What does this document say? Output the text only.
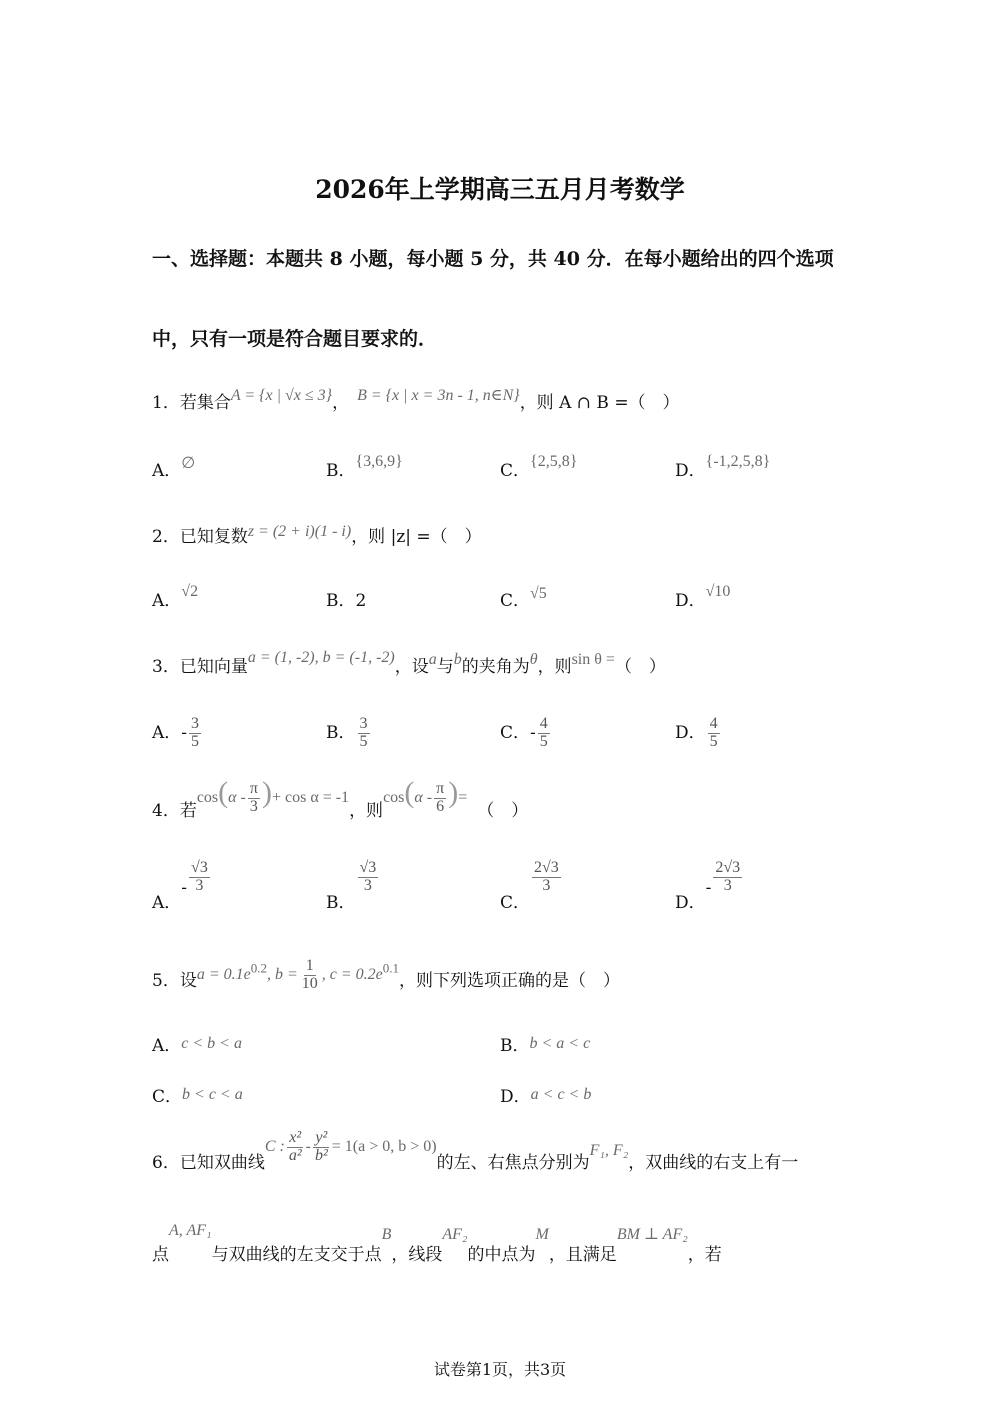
2026年上学期高三五月月考数学
一、选择题：本题共 8 小题，每小题 5 分，共 40 分．在每小题给出的四个选项
中，只有一项是符合题目要求的．
1．若集合A = {x | √x ≤ 3}， B = {x | x = 3n - 1, n∈N}，则 A ∩ B =（　）
A．∅	B．{3,6,9}	C．{2,5,8}	D．{-1,2,5,8}
2．已知复数z = (2 + i)(1 - i)，则 |z| =（　）
A．√2	B．2	C．√5	D．√10
3．已知向量a = (1, -2), b = (-1, -2)，设a与b的夹角为θ，则sin θ =（　）
A．- $\frac{3}{5}$	B． $\frac{3}{5}$	C．- $\frac{4}{5}$	D． $\frac{4}{5}$
4．若$\cos(\alpha - \frac{\pi}{3}$ )+ cos α = -1，则$\cos(\alpha - \frac{\pi}{6}$ )=（　）
A．- $\frac{√3}{3}$
B．
$\frac{√3}{3}$
C．
$\frac{2√3}{3}$
D．- $\frac{2√3}{3}$
5．设$a = 0.1e^{0.2}$, $b = \frac{1}{10}$ , $c = 0.2e^{0.1}$，则下列选项正确的是（　）
A．c < b < a	B．b < a < c
C．b < c < a	D．a < c < b
6．已知双曲线C : $\frac{\text{x²}}{\text{a²}} - \frac{\text{y²}}{\text{b²}} = 1(a > 0$, b > 0)的左、右焦点分别为F₁, F₂，双曲线的右支上有一
点A, AF₁与双曲线的左支交于点B，线段AF₂的中点为M，且满足BM ⊥ AF₂，若
试卷第1页，共3页
